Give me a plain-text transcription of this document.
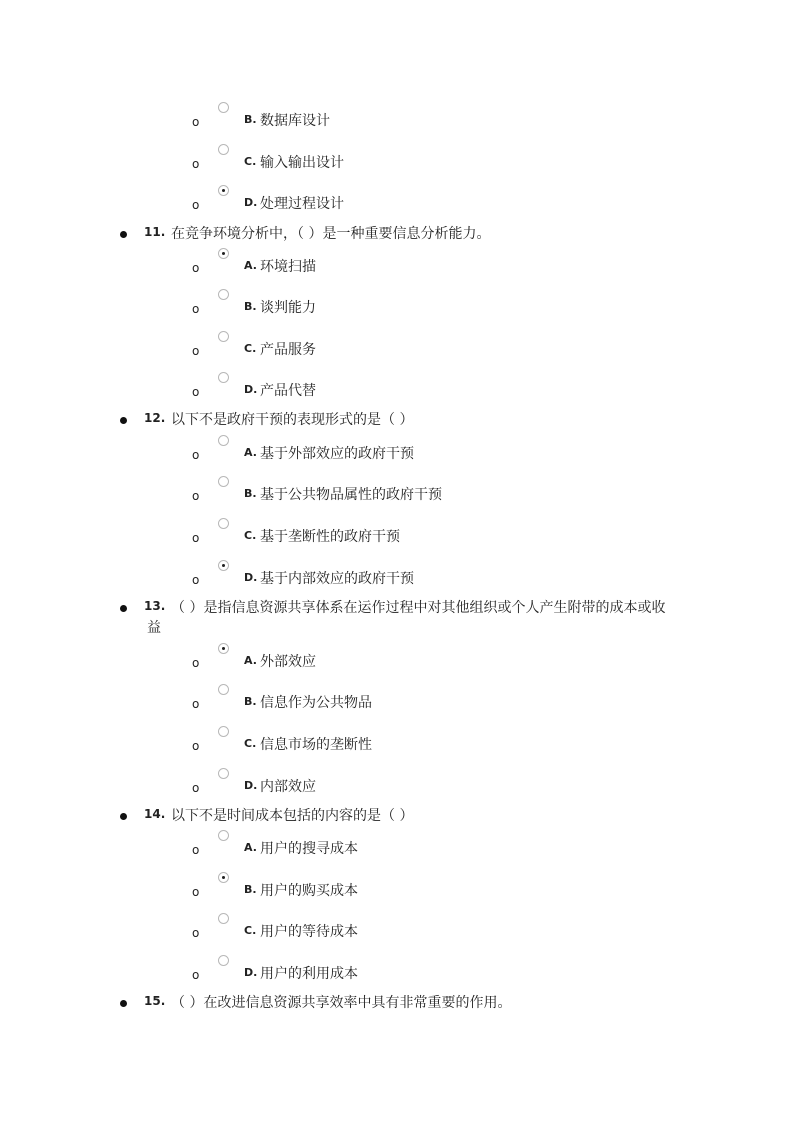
o	B. 数据库设计
o	C. 输入输出设计
o	D. 处理过程设计
11. 在竞争环境分析中，（ ）是一种重要信息分析能力。
o	A. 环境扫描
o	B. 谈判能力
o	C. 产品服务
o	D. 产品代替
12. 以下不是政府干预的表现形式的是（ ）
o	A. 基于外部效应的政府干预
o	B. 基于公共物品属性的政府干预
o	C. 基于垄断性的政府干预
o	D. 基于内部效应的政府干预
13. （ ）是指信息资源共享体系在运作过程中对其他组织或个人产生附带的成本或收
益
o	A. 外部效应
o	B. 信息作为公共物品
o	C. 信息市场的垄断性
o	D. 内部效应
14. 以下不是时间成本包括的内容的是（ ）
o	A. 用户的搜寻成本
o	B. 用户的购买成本
o	C. 用户的等待成本
o	D. 用户的利用成本
15. （ ）在改进信息资源共享效率中具有非常重要的作用。
